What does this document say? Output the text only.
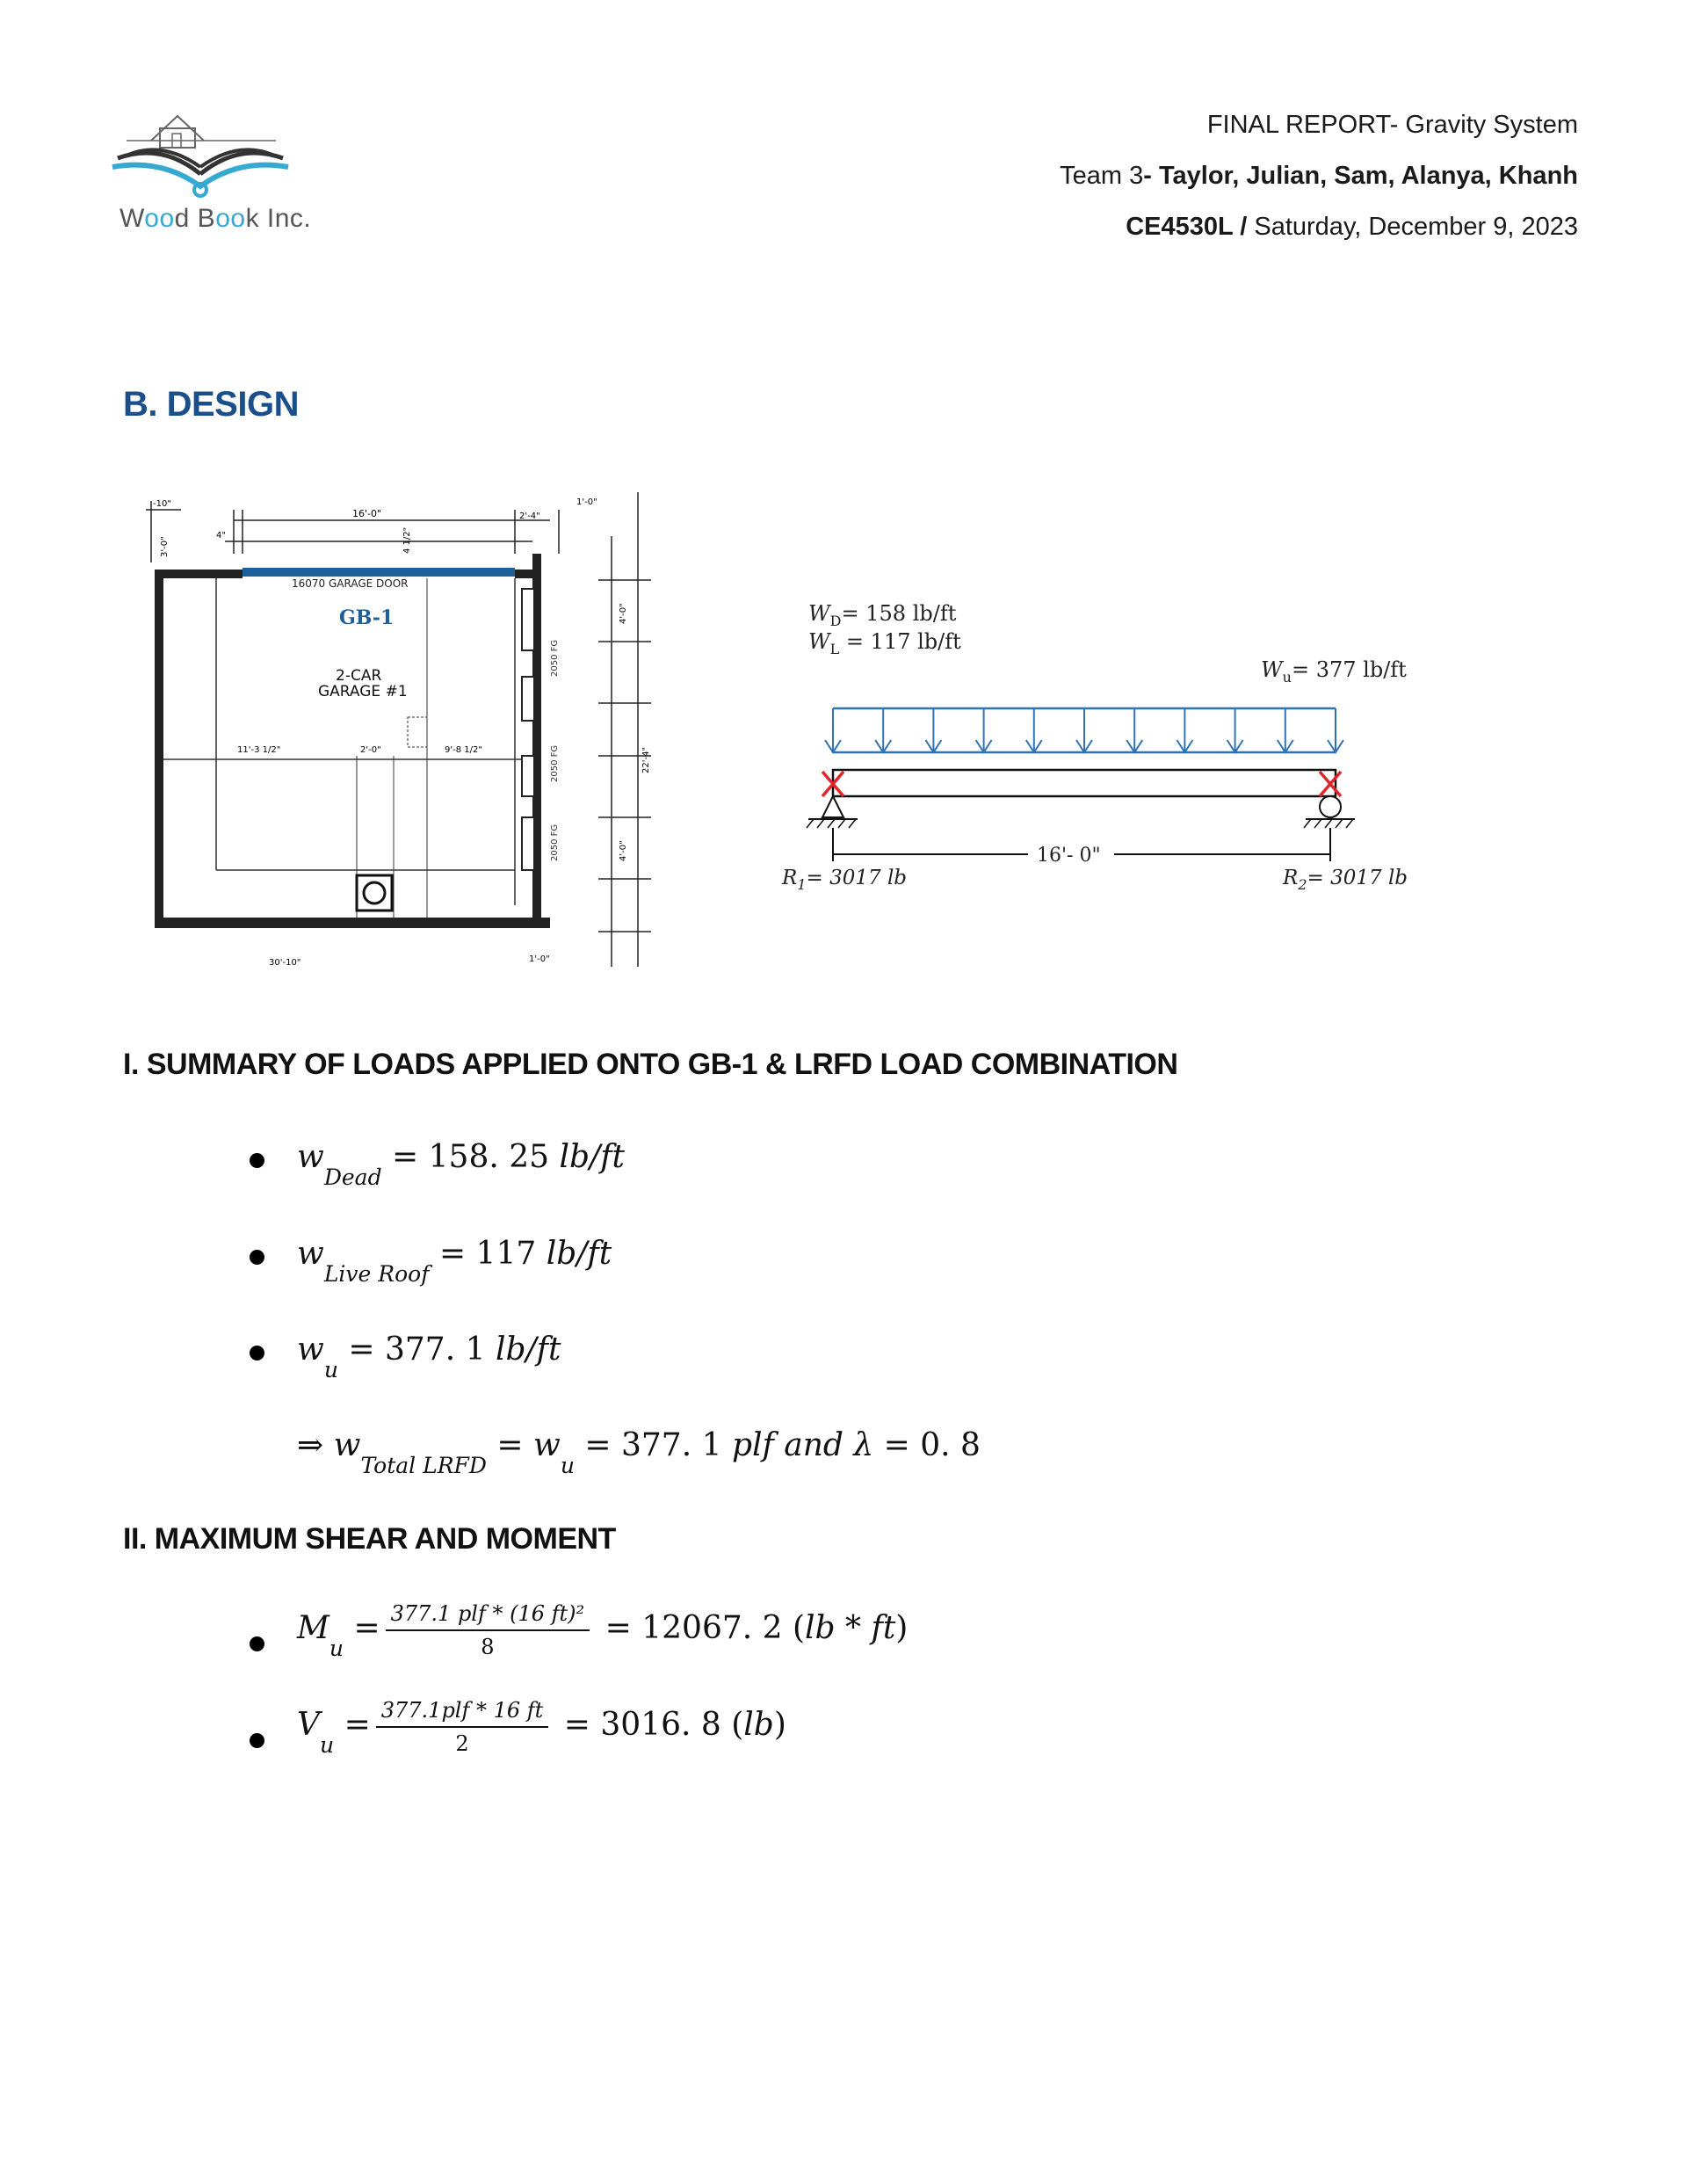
Wood Book Inc.
FINAL REPORT- Gravity System
Team 3- Taylor, Julian, Sam, Alanya, Khanh
CE4530L / Saturday, December 9, 2023
B. DESIGN
16'-0"
4"	4 1/2"
2'-4"
1'-0"
-10"
3'-0"
2050 FG
2050 FG
2050 FG
22'-4"
4'-0"
4'-0"
1'-0"
16070 GARAGE DOOR
GB-1
2-CAR
GARAGE #1
11'-3 1/2"	2'-0"	9'-8 1/2"
30'-10"
$W_D= 158$ lb/ft
$W_L = 117$ lb/ft
$W_u= 377$ lb/ft
16'- 0"
$R_1= 3017$ lb	$R_2= 3017$ lb
I. SUMMARY OF LOADS APPLIED ONTO GB-1 & LRFD LOAD COMBINATION
$w_{Dead} = 158$. 25 lb/ft
$w_{Live Roof} = 117$ lb/ft
$w_u = 377$. 1 lb/ft
⇒ $w_{Total LRFD} = w_u = 377$. 1 plf and λ = 0. 8
II. MAXIMUM SHEAR AND MOMENT
$M_u = \frac{\text{377.1 plf * (16 ft)²}}{8} = 12067$. 2 (lb * ft)
$V_u = \frac{\text{377.1plf * 16 ft}}{2} = 3016$. 8 (lb)
